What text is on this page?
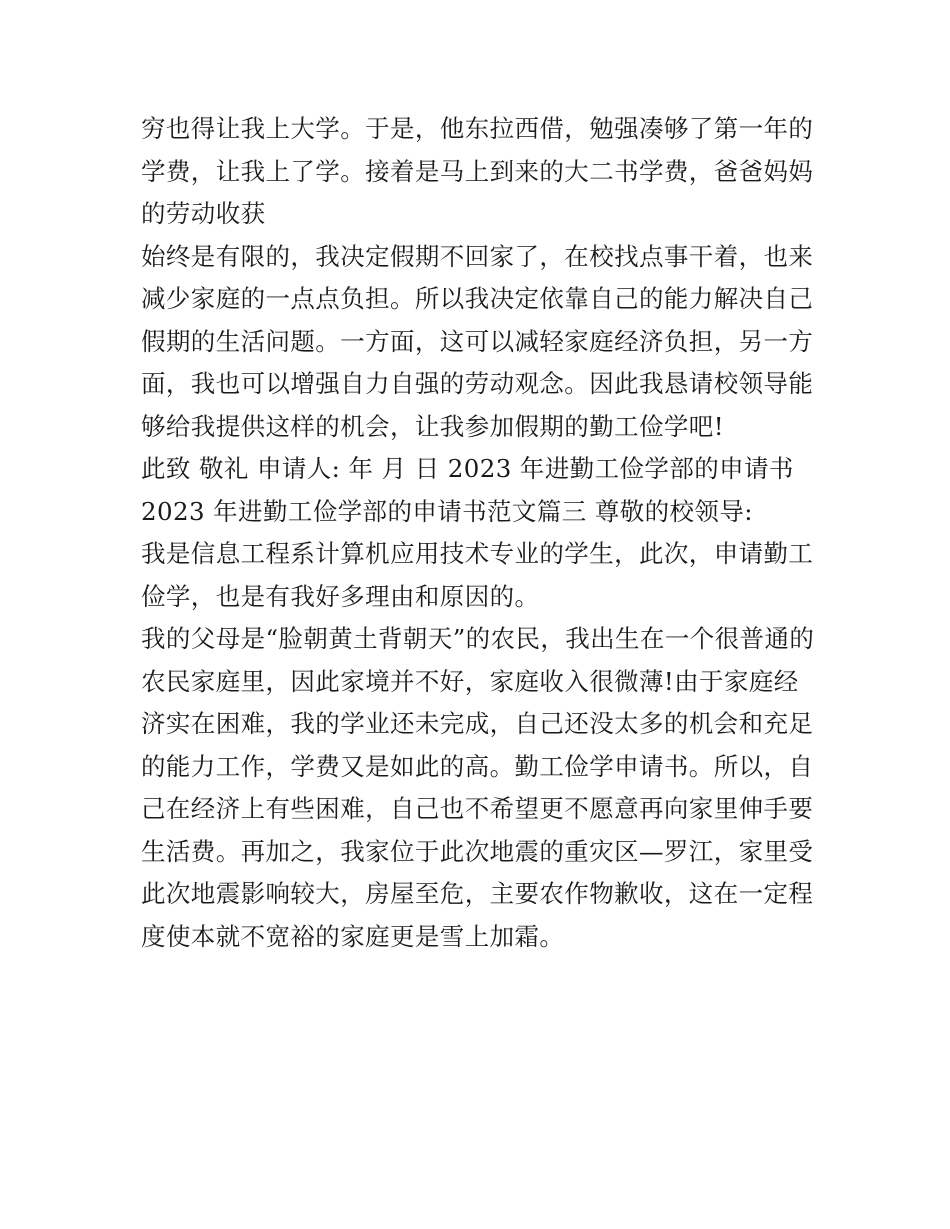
穷也得让我上大学。于是，他东拉西借，勉强凑够了第一年的
学费，让我上了学。接着是马上到来的大二书学费，爸爸妈妈
的劳动收获
始终是有限的，我决定假期不回家了，在校找点事干着，也来
减少家庭的一点点负担。所以我决定依靠自己的能力解决自己
假期的生活问题。一方面，这可以减轻家庭经济负担，另一方
面，我也可以增强自力自强的劳动观念。因此我恳请校领导能
够给我提供这样的机会，让我参加假期的勤工俭学吧!
此致 敬礼 申请人: 年 月 日 2023 年进勤工俭学部的申请书
2023 年进勤工俭学部的申请书范文篇三 尊敬的校领导:
我是信息工程系计算机应用技术专业的学生，此次，申请勤工
俭学，也是有我好多理由和原因的。
我的父母是“脸朝黄土背朝天”的农民，我出生在一个很普通的
农民家庭里，因此家境并不好，家庭收入很微薄!由于家庭经
济实在困难，我的学业还未完成，自己还没太多的机会和充足
的能力工作，学费又是如此的高。勤工俭学申请书。所以，自
己在经济上有些困难，自己也不希望更不愿意再向家里伸手要
生活费。再加之，我家位于此次地震的重灾区—罗江，家里受
此次地震影响较大，房屋至危，主要农作物歉收，这在一定程
度使本就不宽裕的家庭更是雪上加霜。
